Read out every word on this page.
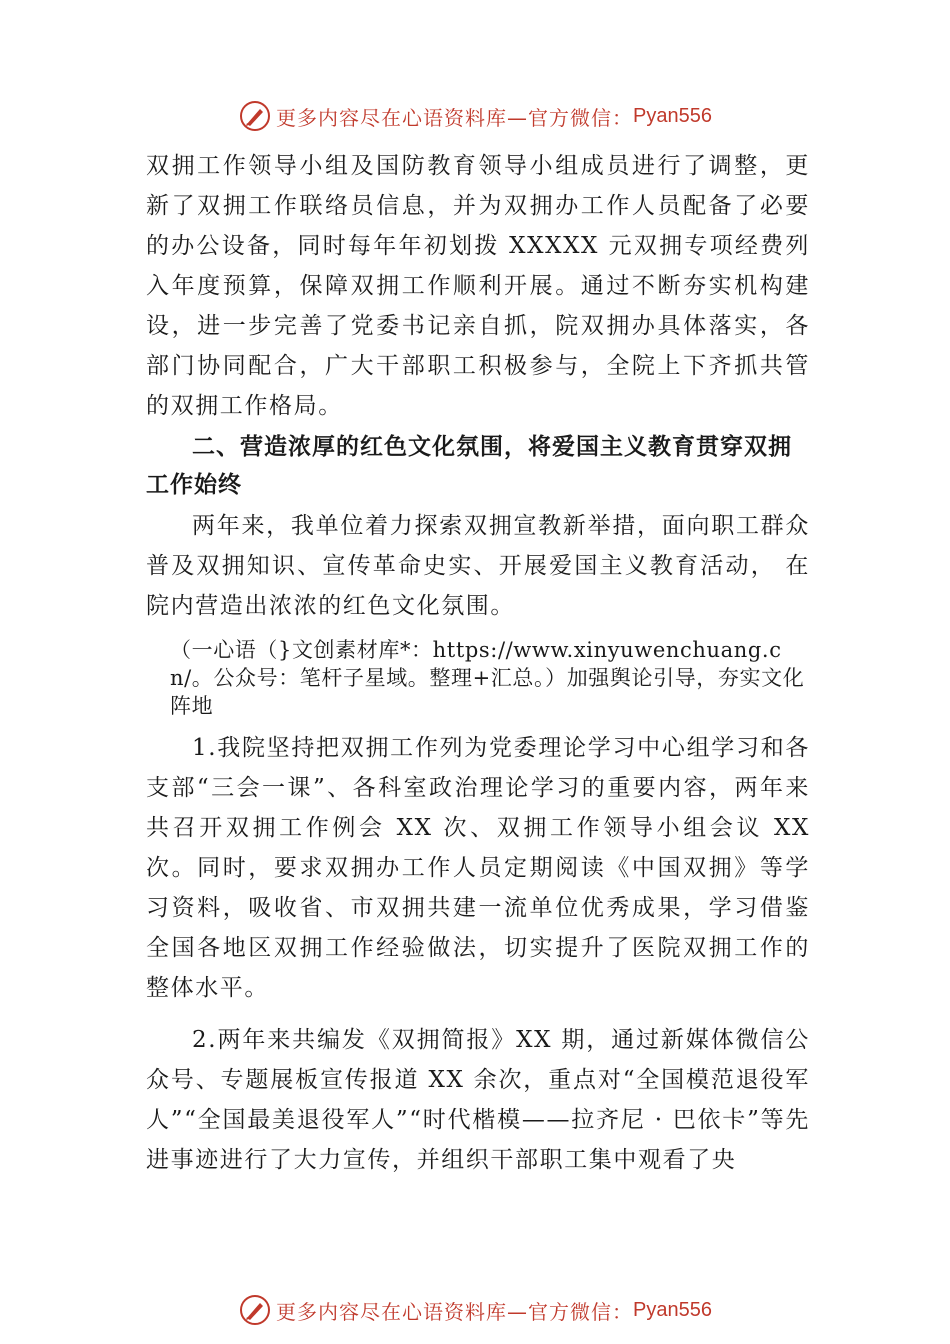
更多内容尽在心语资料库—官方微信： Pyan556

双拥工作领导小组及国防教育领导小组成员进行了调整，更新了双拥工作联络员信息，并为双拥办工作人员配备了必要的办公设备，同时每年年初划拨 XXXXX 元双拥专项经费列入年度预算，保障双拥工作顺利开展。通过不断夯实机构建设，进一步完善了党委书记亲自抓，院双拥办具体落实，各部门协同配合，广大干部职工积极参与，全院上下齐抓共管 的双拥工作格局。

二、营造浓厚的红色文化氛围，将爱国主义教育贯穿双拥工作始终

两年来，我单位着力探索双拥宣教新举措，面向职工群众普及双拥知识、宣传革命史实、开展爱国主义教育活动， 在院内营造出浓浓的红色文化氛围。

（一心语（}文创素材库*：https://www.xinyuwenchuang.cn/。公众号：笔杆子星域。整理+汇总。）加强舆论引导，夯实文化阵地

1.我院坚持把双拥工作列为党委理论学习中心组学习和各支部“三会一课”、各科室政治理论学习的重要内容，两年来共召开双拥工作例会 XX 次、双拥工作领导小组会议 XX 次。同时，要求双拥办工作人员定期阅读《中国双拥》等学习资料，吸收省、市双拥共建一流单位优秀成果，学习借鉴全国各地区双拥工作经验做法，切实提升了医院双拥工作的整体水平。

2.两年来共编发《双拥简报》XX 期，通过新媒体微信公众号、专题展板宣传报道 XX 余次，重点对“全国模范退役军人”“全国最美退役军人”“时代楷模——拉齐尼 · 巴依卡”等先进事迹进行了大力宣传，并组织干部职工集中观看了央

更多内容尽在心语资料库—官方微信： Pyan556
